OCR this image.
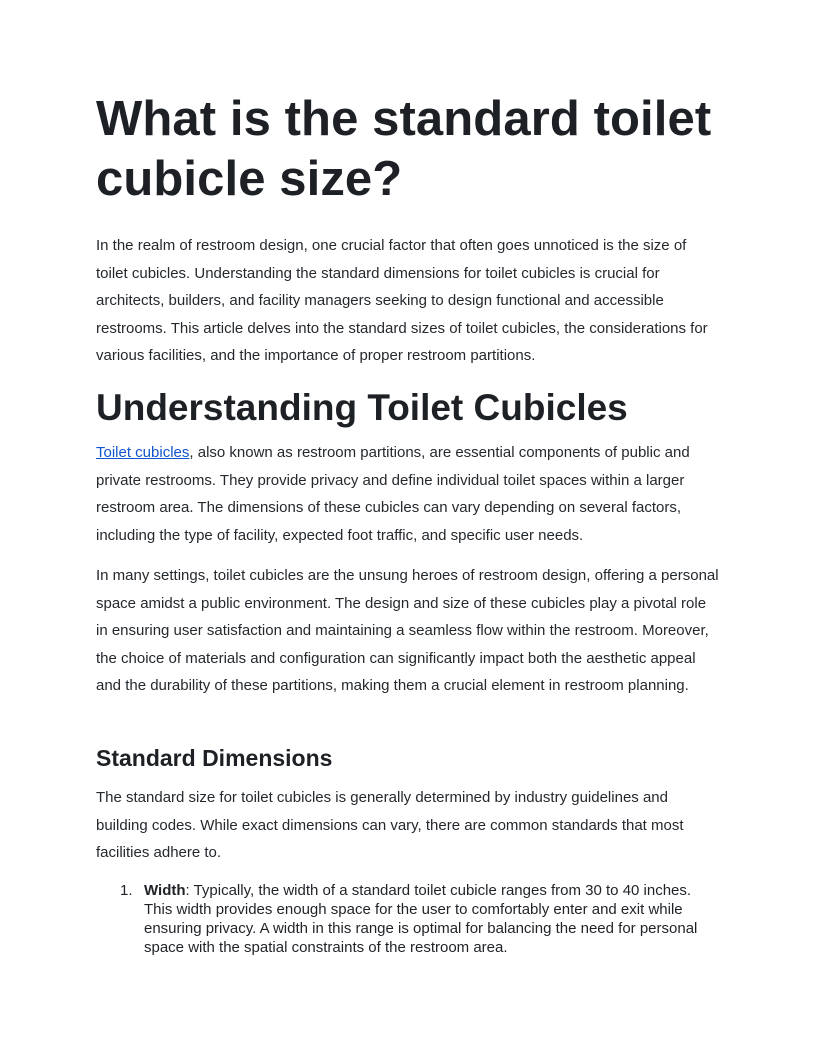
What is the standard toilet cubicle size?

In the realm of restroom design, one crucial factor that often goes unnoticed is the size of toilet cubicles. Understanding the standard dimensions for toilet cubicles is crucial for architects, builders, and facility managers seeking to design functional and accessible restrooms. This article delves into the standard sizes of toilet cubicles, the considerations for various facilities, and the importance of proper restroom partitions.

Understanding Toilet Cubicles

Toilet cubicles, also known as restroom partitions, are essential components of public and private restrooms. They provide privacy and define individual toilet spaces within a larger restroom area. The dimensions of these cubicles can vary depending on several factors, including the type of facility, expected foot traffic, and specific user needs.

In many settings, toilet cubicles are the unsung heroes of restroom design, offering a personal space amidst a public environment. The design and size of these cubicles play a pivotal role in ensuring user satisfaction and maintaining a seamless flow within the restroom. Moreover, the choice of materials and configuration can significantly impact both the aesthetic appeal and the durability of these partitions, making them a crucial element in restroom planning.

Standard Dimensions

The standard size for toilet cubicles is generally determined by industry guidelines and building codes. While exact dimensions can vary, there are common standards that most facilities adhere to.

1. Width: Typically, the width of a standard toilet cubicle ranges from 30 to 40 inches. This width provides enough space for the user to comfortably enter and exit while ensuring privacy. A width in this range is optimal for balancing the need for personal space with the spatial constraints of the restroom area.
